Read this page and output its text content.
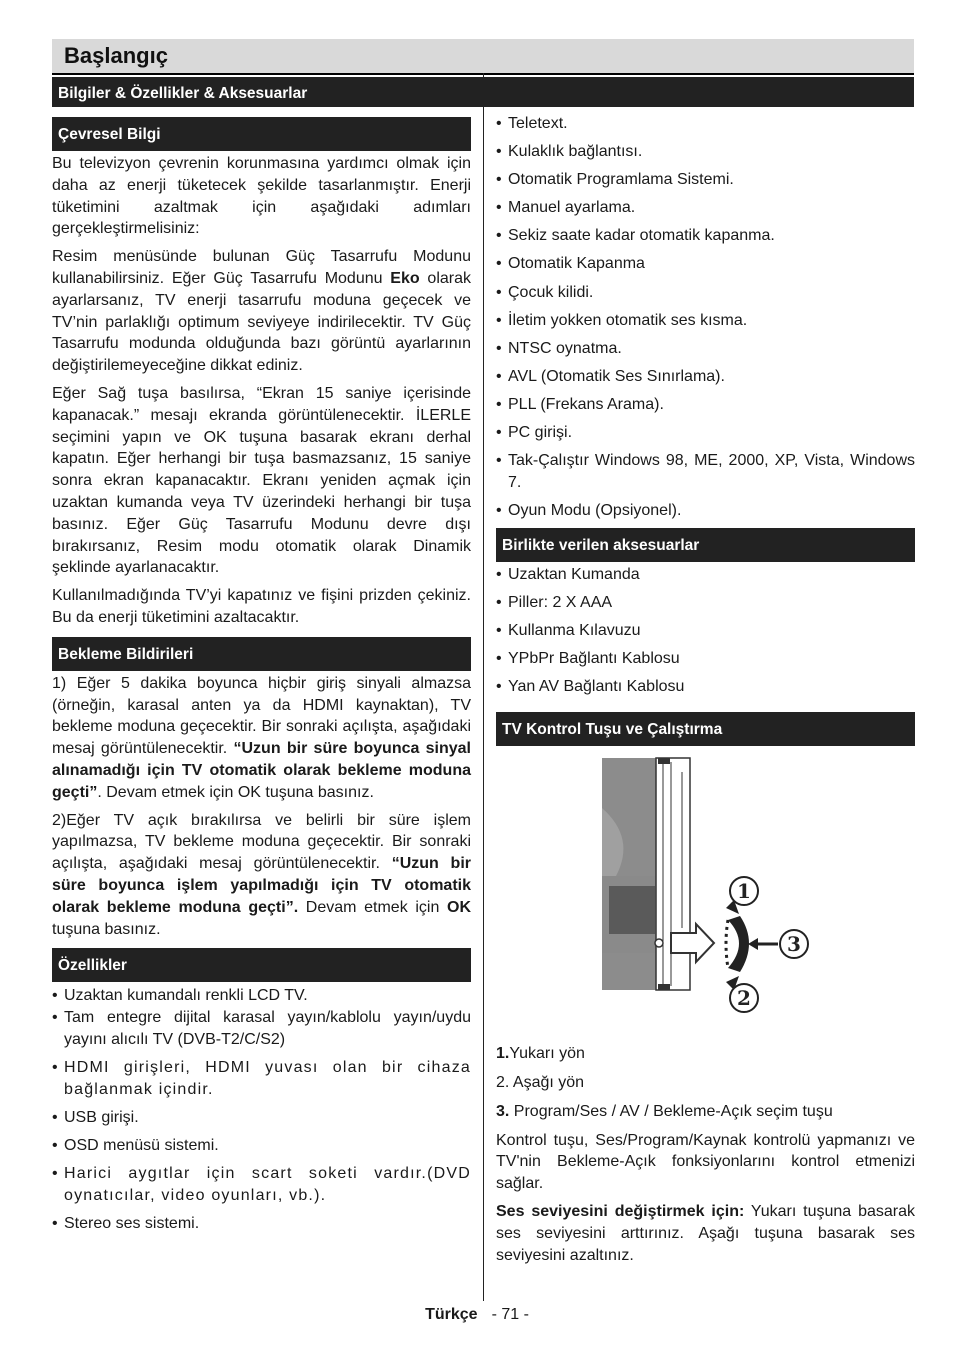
Başlangıç
Bilgiler & Özellikler & Aksesuarlar
Çevresel Bilgi

Bu televizyon çevrenin korunmasına yardımcı olmak için daha az enerji tüketecek şekilde tasarlanmıştır. Enerji tüketimini azaltmak için aşağıdaki adımları gerçekleştirmelisiniz:

Resim menüsünde bulunan Güç Tasarrufu Modunu kullanabilirsiniz. Eğer Güç Tasarrufu Modunu Eko olarak ayarlarsanız, TV enerji tasarrufu moduna geçecek ve TV’nin parlaklığı optimum seviyeye indirilecektir. TV Güç Tasarrufu modunda olduğunda bazı görüntü ayarlarının değiştirilemeyeceğine dikkat ediniz.

Eğer Sağ tuşa basılırsa, “Ekran 15 saniye içerisinde kapanacak.” mesajı ekranda görüntülenecektir. İLERLE seçimini yapın ve OK tuşuna basarak ekranı derhal kapatın. Eğer herhangi bir tuşa basmazsanız, 15 saniye sonra ekran kapanacaktır. Ekranı yeniden açmak için uzaktan kumanda veya TV üzerindeki herhangi bir tuşa basınız. Eğer Güç Tasarrufu Modunu devre dışı bırakırsanız, Resim modu otomatik olarak Dinamik şeklinde ayarlanacaktır.

Kullanılmadığında TV’yi kapatınız ve fişini prizden çekiniz. Bu da enerji tüketimini azaltacaktır.

Bekleme Bildirileri

1) Eğer 5 dakika boyunca hiçbir giriş sinyali almazsa (örneğin, karasal anten ya da HDMI kaynaktan), TV bekleme moduna geçecektir. Bir sonraki açılışta, aşağıdaki mesaj görüntülenecektir. “Uzun bir süre boyunca sinyal alınamadığı için TV otomatik olarak bekleme moduna geçti”. Devam etmek için OK tuşuna basınız.

2)Eğer TV açık bırakılırsa ve belirli bir süre işlem yapılmazsa, TV bekleme moduna geçecektir. Bir sonraki açılışta, aşağıdaki mesaj görüntülenecektir. “Uzun bir süre boyunca işlem yapılmadığı için TV otomatik olarak bekleme moduna geçti”. Devam etmek için OK tuşuna basınız.

Özellikler
• Uzaktan kumandalı renkli LCD TV.
• Tam entegre dijital karasal yayın/kablolu yayın/uydu yayını alıcılı TV (DVB-T2/C/S2)
• HDMI girişleri, HDMI yuvası olan bir cihaza bağlanmak içindir.
• USB girişi.
• OSD menüsü sistemi.
• Harici aygıtlar için scart soketi vardır.(DVD oynatıcılar, video oyunları, vb.).
• Stereo ses sistemi.
• Teletext.
• Kulaklık bağlantısı.
• Otomatik Programlama Sistemi.
• Manuel ayarlama.
• Sekiz saate kadar otomatik kapanma.
• Otomatik Kapanma
• Çocuk kilidi.
• İletim yokken otomatik ses kısma.
• NTSC oynatma.
• AVL (Otomatik Ses Sınırlama).
• PLL (Frekans Arama).
• PC girişi.
• Tak-Çalıştır Windows 98, ME, 2000, XP, Vista, Windows 7.
• Oyun Modu (Opsiyonel).
Birlikte verilen aksesuarlar
• Uzaktan Kumanda
• Piller: 2 X AAA
• Kullanma Kılavuzu
• YPbPr Bağlantı Kablosu
• Yan AV Bağlantı Kablosu
TV Kontrol Tuşu ve Çalıştırma
1
2
3

1.Yukarı yön

2. Aşağı yön

3. Program/Ses / AV / Bekleme-Açık seçim tuşu

Kontrol tuşu, Ses/Program/Kaynak kontrolü yapmanızı ve TV'nin Bekleme-Açık fonksiyonlarını kontrol etmenizi sağlar.

Ses seviyesini değiştirmek için: Yukarı tuşuna basarak ses seviyesini arttırınız. Aşağı tuşuna basarak ses seviyesini azaltınız.

Türkçe - 71 -
